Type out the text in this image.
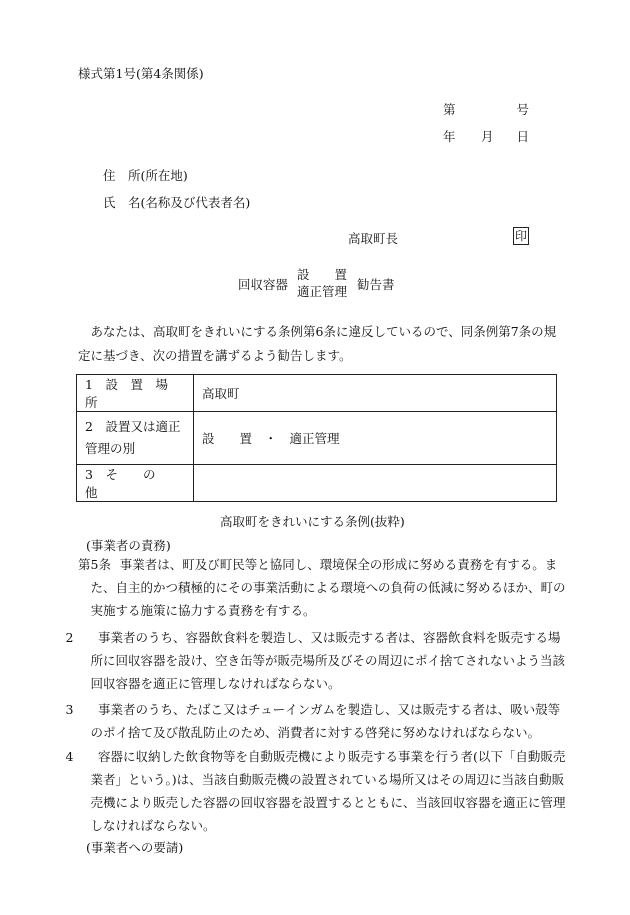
様式第1号(第4条関係)
第	号
年 月 日
住　所(所在地)
氏　名(名称及び代表者名)
高取町長	印
回収容器
設　　置
適正管理 勧告書
あなたは、高取町をきれいにする条例第6条に違反しているので、同条例第7条の規定に基づき、次の措置を講ずるよう勧告します。
1　設　置　場　所	高取町
2　設置又は適正管理の別	設　　置　・　適正管理
3　そ　　の　　他	
高取町をきれいにする条例(抜粋)
(事業者の責務)
第5条 事業者は、町及び町民等と協同し、環境保全の形成に努める責務を有する。また、自主的かつ積極的にその事業活動による環境への負荷の低減に努めるほか、町の実施する施策に協力する責務を有する。
2 事業者のうち、容器飲食料を製造し、又は販売する者は、容器飲食料を販売する場所に回収容器を設け、空き缶等が販売場所及びその周辺にポイ捨てされないよう当該回収容器を適正に管理しなければならない。
3 事業者のうち、たばこ又はチューインガムを製造し、又は販売する者は、吸い殻等のポイ捨て及び散乱防止のため、消費者に対する啓発に努めなければならない。
4 容器に収納した飲食物等を自動販売機により販売する事業を行う者(以下「自動販売業者」という。)は、当該自動販売機の設置されている場所又はその周辺に当該自動販売機により販売した容器の回収容器を設置するとともに、当該回収容器を適正に管理しなければならない。
(事業者への要請)
